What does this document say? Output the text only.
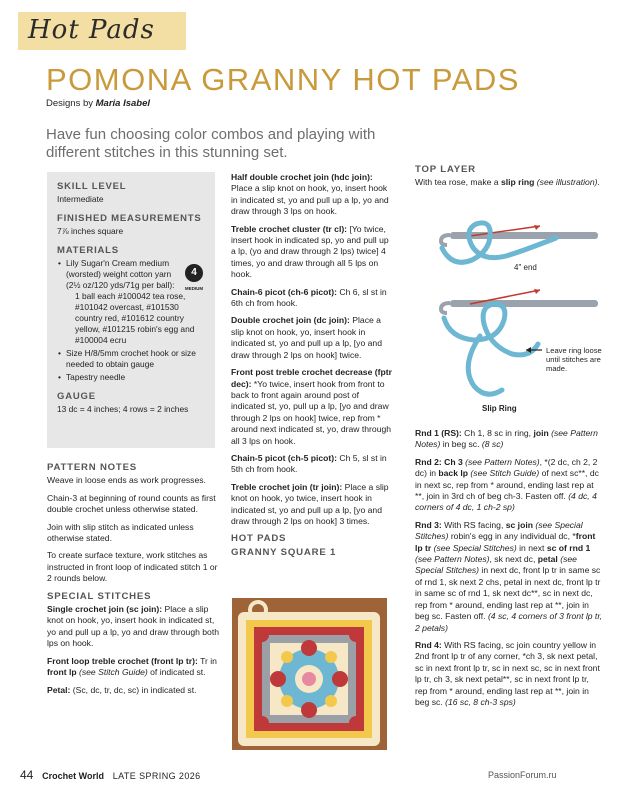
Hot Pads
POMONA GRANNY HOT PADS
Designs by Maria Isabel
Have fun choosing color combos and playing with different stitches in this stunning set.
SKILL LEVEL
Intermediate
FINISHED MEASUREMENTS
7⅞ inches square
MATERIALS
• Lily Sugar'n Cream medium (worsted) weight cotton yarn (2½ oz/120 yds/71g per ball):
1 ball each #100042 tea rose, #101042 overcast, #101530 country red, #101612 country yellow, #101215 robin's egg and #100004 ecru
• Size H/8/5mm crochet hook or size needed to obtain gauge
• Tapestry needle
GAUGE
13 dc = 4 inches; 4 rows = 2 inches
4
MEDIUM
PATTERN NOTES

Weave in loose ends as work progresses.

Chain-3 at beginning of round counts as first double crochet unless otherwise stated.

Join with slip stitch as indicated unless otherwise stated.

To create surface texture, work stitches as instructed in front loop of indicated stitch 1 or 2 rounds below.

SPECIAL STITCHES

Single crochet join (sc join): Place a slip knot on hook, yo, insert hook in indicated st, yo and pull up a lp, yo and draw through both lps on hook.

Front loop treble crochet (front lp tr): Tr in front lp (see Stitch Guide) of indicated st.

Petal: (Sc, dc, tr, dc, sc) in indicated st.

Half double crochet join (hdc join): Place a slip knot on hook, yo, insert hook in indicated st, yo and pull up a lp, yo and draw through 3 lps on hook.

Treble crochet cluster (tr cl): [Yo twice, insert hook in indicated sp, yo and pull up a lp, (yo and draw through 2 lps) twice] 4 times, yo and draw through all 5 lps on hook.

Chain-6 picot (ch-6 picot): Ch 6, sl st in 6th ch from hook.

Double crochet join (dc join): Place a slip knot on hook, yo, insert hook in indicated st, yo and pull up a lp, [yo and draw through 2 lps on hook] twice.

Front post treble crochet decrease (fptr dec): *Yo twice, insert hook from front to back to front again around post of indicated st, yo, pull up a lp, [yo and draw through 2 lps on hook] twice, rep from * around next indicated st, yo, draw through all 3 lps on hook.

Chain-5 picot (ch-5 picot): Ch 5, sl st in 5th ch from hook.

Treble crochet join (tr join): Place a slip knot on hook, yo twice, insert hook in indicated st, yo and pull up a lp, [yo and draw through 2 lps on hook] 3 times.

HOT PADS
GRANNY SQUARE 1
TOP LAYER

With tea rose, make a slip ring (see illustration).

4" end
Leave ring loose until stitches are made.
Slip Ring

Rnd 1 (RS): Ch 1, 8 sc in ring, join (see Pattern Notes) in beg sc. (8 sc)

Rnd 2: Ch 3 (see Pattern Notes), *(2 dc, ch 2, 2 dc) in back lp (see Stitch Guide) of next sc**, dc in next sc, rep from * around, ending last rep at **, join in 3rd ch of beg ch-3. Fasten off. (4 dc, 4 corners of 4 dc, 1 ch-2 sp)

Rnd 3: With RS facing, sc join (see Special Stitches) robin's egg in any individual dc, *front lp tr (see Special Stitches) in next sc of rnd 1 (see Pattern Notes), sk next dc, petal (see Special Stitches) in next dc, front lp tr in same sc of rnd 1, sk next 2 chs, petal in next dc, front lp tr in same sc of rnd 1, sk next dc**, sc in next dc, rep from * around, ending last rep at **, join in beg sc. Fasten off. (4 sc, 4 corners of 3 front lp tr, 2 petals)

Rnd 4: With RS facing, sc join country yellow in 2nd front lp tr of any corner, *ch 3, sk next petal, sc in next front lp tr, sc in next sc, sc in next front lp tr, ch 3, sk next petal**, sc in next front lp tr, rep from * around, ending last rep at **, join in beg sc. (16 sc, 8 ch-3 sps)

44 Crochet World LATE SPRING 2026	PassionForum.ru
